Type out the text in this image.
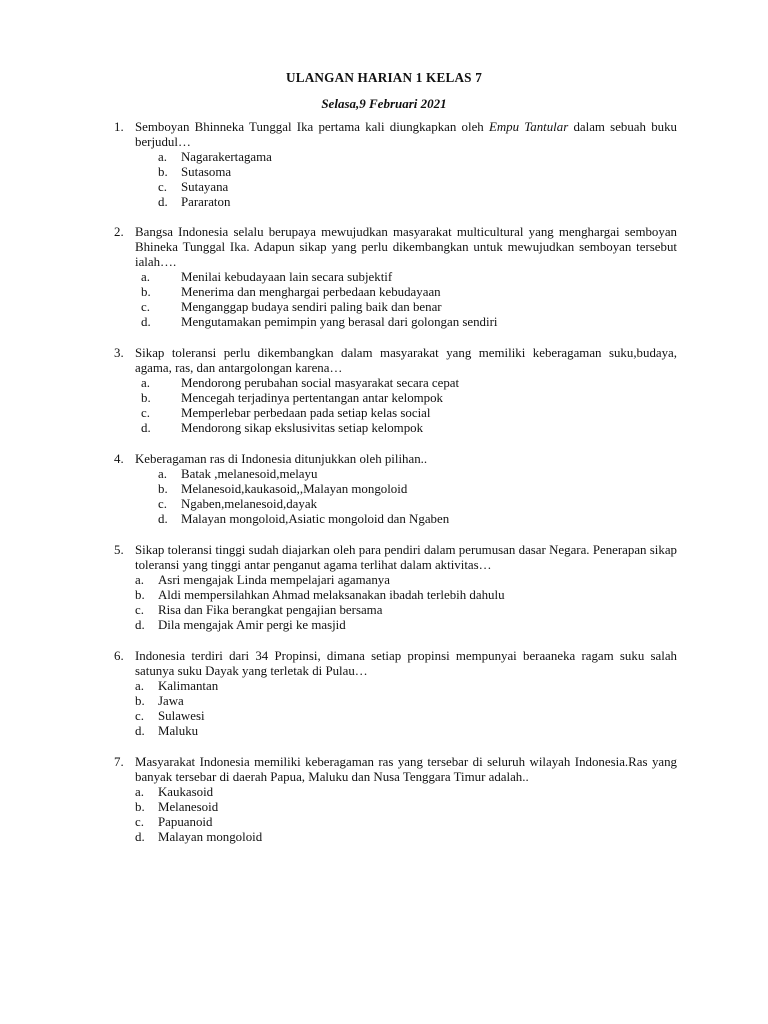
ULANGAN HARIAN 1 KELAS 7
Selasa,9 Februari 2021
1. Semboyan Bhinneka Tunggal Ika pertama kali diungkapkan oleh Empu Tantular dalam sebuah buku berjudul…
a. Nagarakertagama
b. Sutasoma
c. Sutayana
d. Pararaton
2. Bangsa Indonesia selalu berupaya mewujudkan masyarakat multicultural yang menghargai semboyan Bhineka Tunggal Ika. Adapun sikap yang perlu dikembangkan untuk mewujudkan semboyan tersebut ialah….
a. Menilai kebudayaan lain secara subjektif
b. Menerima dan menghargai perbedaan kebudayaan
c. Menganggap budaya sendiri paling baik dan benar
d. Mengutamakan pemimpin yang berasal dari golongan sendiri
3. Sikap toleransi perlu dikembangkan dalam masyarakat yang memiliki keberagaman suku,budaya, agama, ras, dan antargolongan karena…
a. Mendorong perubahan social masyarakat secara cepat
b. Mencegah terjadinya pertentangan antar kelompok
c. Memperlebar perbedaan pada setiap kelas social
d. Mendorong sikap ekslusivitas setiap kelompok
4. Keberagaman ras di Indonesia ditunjukkan oleh pilihan..
a. Batak ,melanesoid,melayu
b. Melanesoid,kaukasoid,,Malayan mongoloid
c. Ngaben,melanesoid,dayak
d. Malayan mongoloid,Asiatic mongoloid dan Ngaben
5. Sikap toleransi tinggi sudah diajarkan oleh para pendiri dalam perumusan dasar Negara. Penerapan sikap toleransi yang tinggi antar penganut agama terlihat dalam aktivitas…
a. Asri mengajak Linda mempelajari agamanya
b. Aldi mempersilahkan Ahmad melaksanakan ibadah terlebih dahulu
c. Risa dan Fika berangkat pengajian bersama
d. Dila mengajak Amir pergi ke masjid
6. Indonesia terdiri dari 34 Propinsi, dimana setiap propinsi mempunyai beraaneka ragam suku salah satunya suku Dayak yang terletak di Pulau…
a. Kalimantan
b. Jawa
c. Sulawesi
d. Maluku
7. Masyarakat Indonesia memiliki keberagaman ras yang tersebar di seluruh wilayah Indonesia.Ras yang banyak tersebar di daerah Papua, Maluku dan Nusa Tenggara Timur adalah..
a. Kaukasoid
b. Melanesoid
c. Papuanoid
d. Malayan mongoloid
